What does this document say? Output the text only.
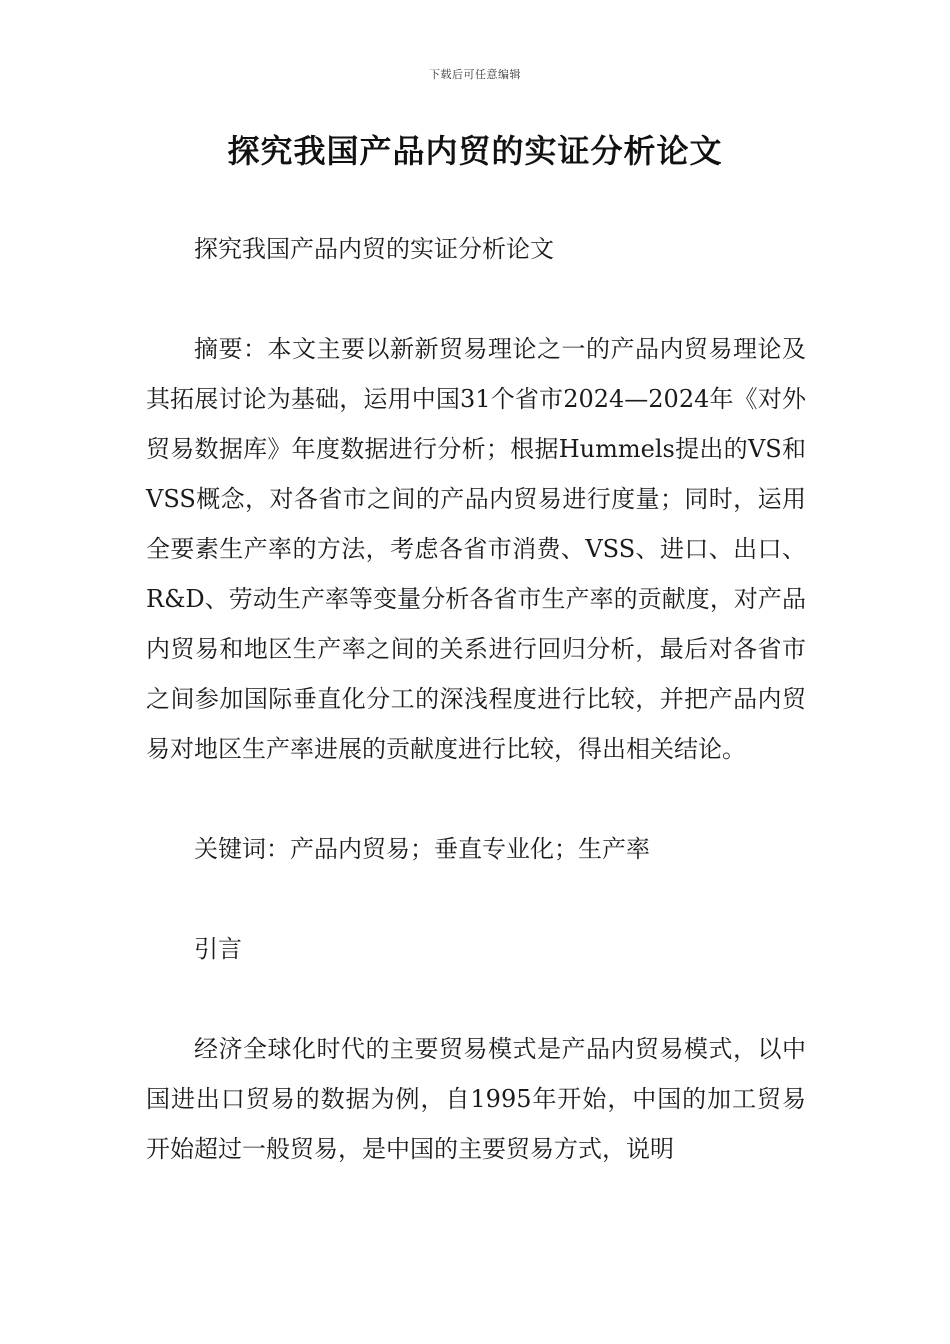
下载后可任意编辑
探究我国产品内贸的实证分析论文

探究我国产品内贸的实证分析论文

摘要：本文主要以新新贸易理论之一的产品内贸易理论及其拓展讨论为基础，运用中国31个省市2024—2024年《对外贸易数据库》年度数据进行分析；根据Hummels提出的VS和VSS概念，对各省市之间的产品内贸易进行度量；同时，运用全要素生产率的方法，考虑各省市消费、VSS、进口、出口、R&D、劳动生产率等变量分析各省市生产率的贡献度，对产品内贸易和地区生产率之间的关系进行回归分析，最后对各省市之间参加国际垂直化分工的深浅程度进行比较，并把产品内贸易对地区生产率进展的贡献度进行比较，得出相关结论。

关键词：产品内贸易；垂直专业化；生产率

引言

经济全球化时代的主要贸易模式是产品内贸易模式，以中国进出口贸易的数据为例，自1995年开始，中国的加工贸易开始超过一般贸易，是中国的主要贸易方式，说明
